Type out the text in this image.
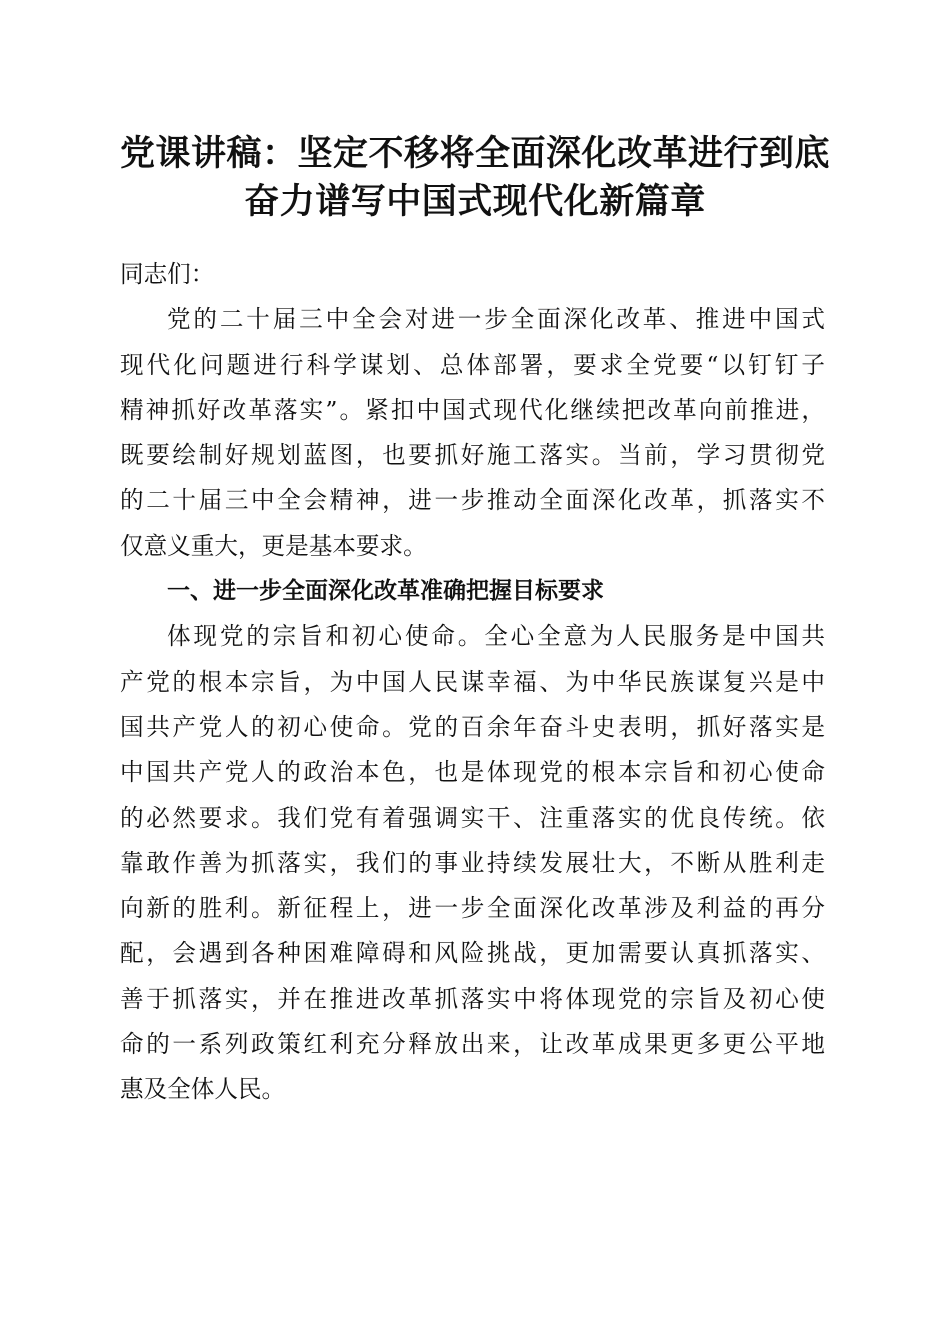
党课讲稿：坚定不移将全面深化改革进行到底
奋力谱写中国式现代化新篇章
同志们：
党的二十届三中全会对进一步全面深化改革、推进中国式
现代化问题进行科学谋划、总体部署，要求全党要“以钉钉子
精神抓好改革落实”。紧扣中国式现代化继续把改革向前推进，
既要绘制好规划蓝图，也要抓好施工落实。当前，学习贯彻党
的二十届三中全会精神，进一步推动全面深化改革，抓落实不
仅意义重大，更是基本要求。
一、进一步全面深化改革准确把握目标要求
体现党的宗旨和初心使命。全心全意为人民服务是中国共
产党的根本宗旨，为中国人民谋幸福、为中华民族谋复兴是中
国共产党人的初心使命。党的百余年奋斗史表明，抓好落实是
中国共产党人的政治本色，也是体现党的根本宗旨和初心使命
的必然要求。我们党有着强调实干、注重落实的优良传统。依
靠敢作善为抓落实，我们的事业持续发展壮大，不断从胜利走
向新的胜利。新征程上，进一步全面深化改革涉及利益的再分
配，会遇到各种困难障碍和风险挑战，更加需要认真抓落实、
善于抓落实，并在推进改革抓落实中将体现党的宗旨及初心使
命的一系列政策红利充分释放出来，让改革成果更多更公平地
惠及全体人民。
